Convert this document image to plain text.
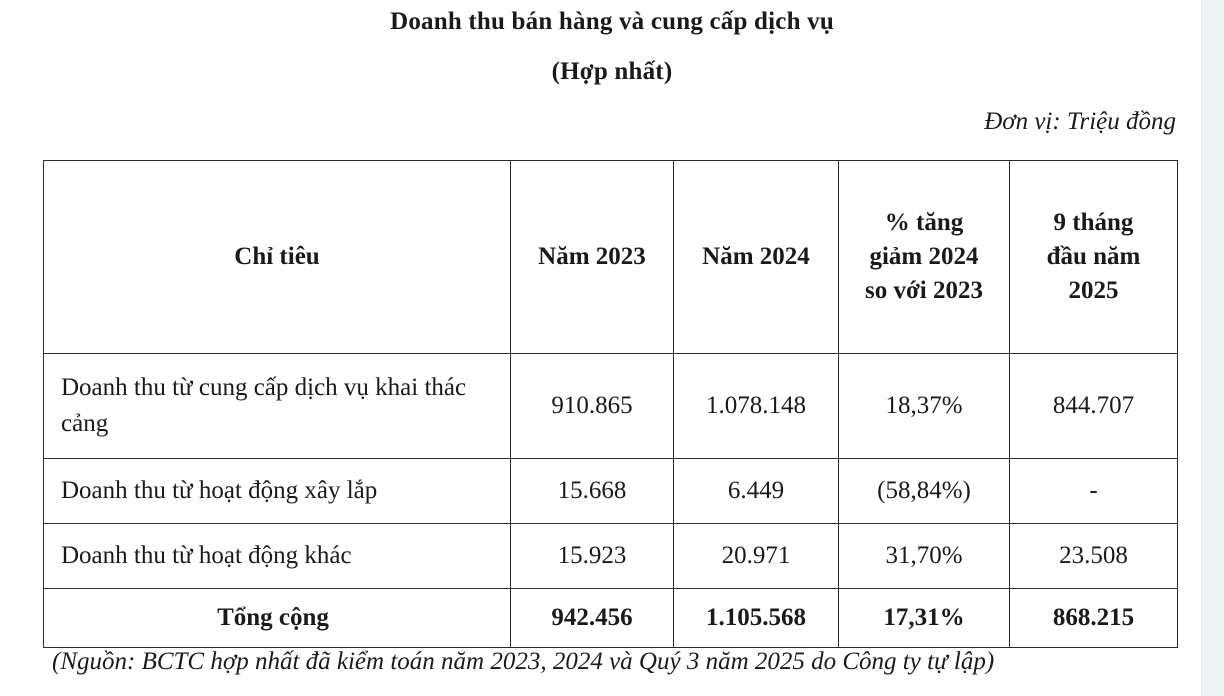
Doanh thu bán hàng và cung cấp dịch vụ
(Hợp nhất)
Đơn vị: Triệu đồng
Chỉ tiêu	Năm 2023	Năm 2024	% tăng giảm 2024 so với 2023	9 tháng đầu năm 2025
Doanh thu từ cung cấp dịch vụ khai thác cảng	910.865	1.078.148	18,37%	844.707
Doanh thu từ hoạt động xây lắp	15.668	6.449	(58,84%)	-
Doanh thu từ hoạt động khác	15.923	20.971	31,70%	23.508
Tổng cộng	942.456	1.105.568	17,31%	868.215
(Nguồn: BCTC hợp nhất đã kiểm toán năm 2023, 2024 và Quý 3 năm 2025 do Công ty tự lập)
